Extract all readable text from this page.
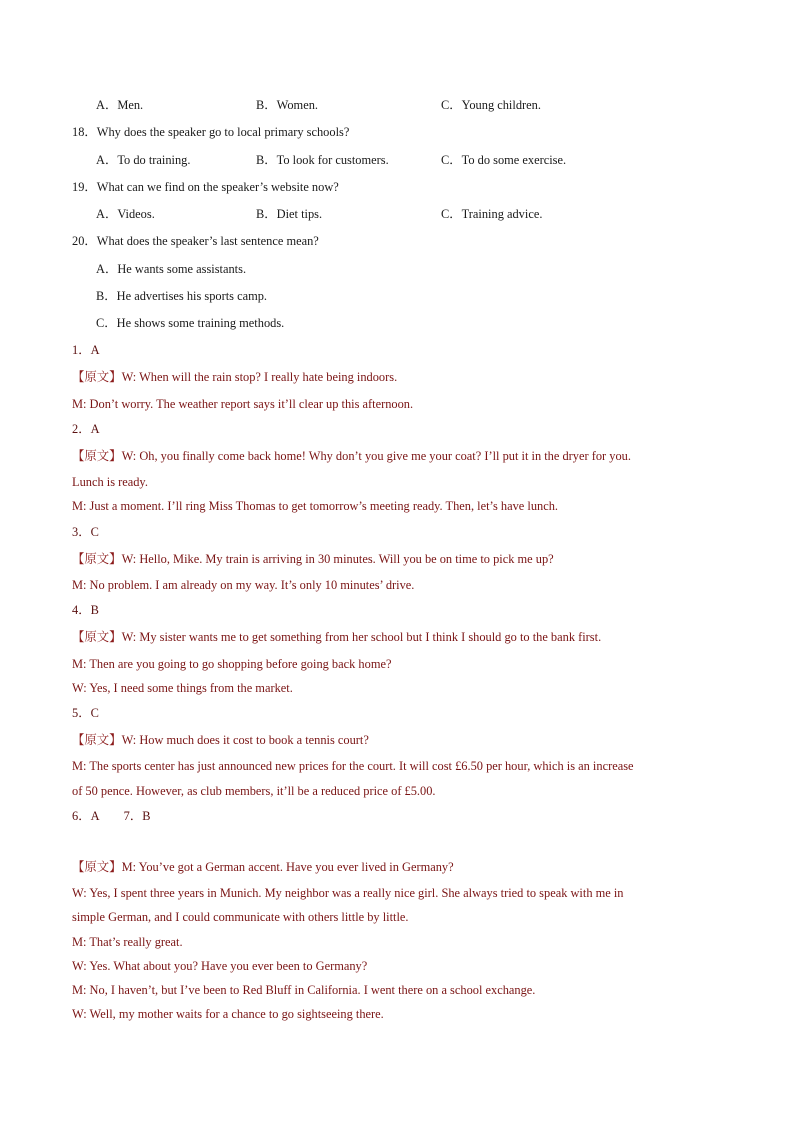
A．Men.	B．Women.	C．Young children.
18．Why does the speaker go to local primary schools?
A．To do training.	B．To look for customers.	C．To do some exercise.
19．What can we find on the speaker’s website now?
A．Videos.	B．Diet tips.	C．Training advice.
20．What does the speaker’s last sentence mean?
A．He wants some assistants.
B．He advertises his sports camp.
C．He shows some training methods.
1．A
【原文】W: When will the rain stop? I really hate being indoors.
M: Don’t worry. The weather report says it’ll clear up this afternoon.
2．A
【原文】W: Oh, you finally come back home! Why don’t you give me your coat? I’ll put it in the dryer for you.
Lunch is ready.
M: Just a moment. I’ll ring Miss Thomas to get tomorrow’s meeting ready. Then, let’s have lunch.
3．C
【原文】W: Hello, Mike. My train is arriving in 30 minutes. Will you be on time to pick me up?
M: No problem. I am already on my way. It’s only 10 minutes’ drive.
4．B
【原文】W: My sister wants me to get something from her school but I think I should go to the bank first.
M: Then are you going to go shopping before going back home?
W: Yes, I need some things from the market.
5．C
【原文】W: How much does it cost to book a tennis court?
M: The sports center has just announced new prices for the court. It will cost £6.50 per hour, which is an increase
of 50 pence. However, as club members, it’ll be a reduced price of £5.00.
6．A　　7．B
【原文】M: You’ve got a German accent. Have you ever lived in Germany?
W: Yes, I spent three years in Munich. My neighbor was a really nice girl. She always tried to speak with me in
simple German, and I could communicate with others little by little.
M: That’s really great.
W: Yes. What about you? Have you ever been to Germany?
M: No, I haven’t, but I’ve been to Red Bluff in California. I went there on a school exchange.
W: Well, my mother waits for a chance to go sightseeing there.
